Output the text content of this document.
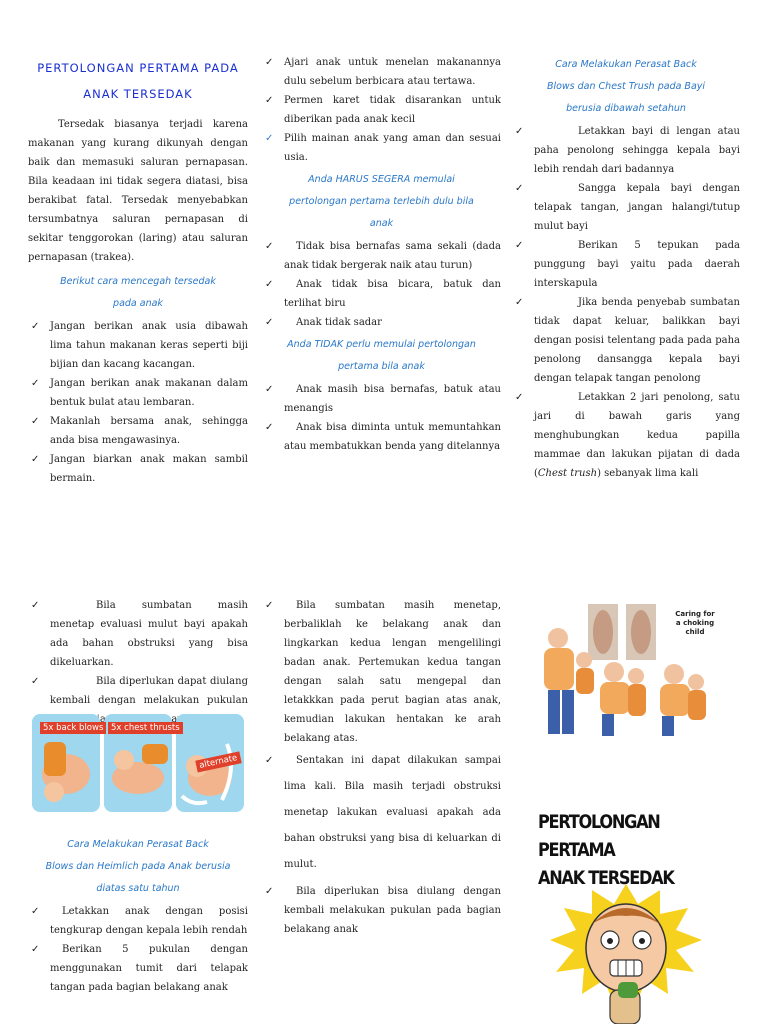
PERTOLONGAN PERTAMA PADA
ANAK TERSEDAK

Tersedak biasanya terjadi karena makanan yang kurang dikunyah dengan baik dan memasuki saluran pernapasan. Bila keadaan ini tidak segera diatasi, bisa berakibat fatal. Tersedak menyebabkan tersumbatnya saluran pernapasan di sekitar tenggorokan (laring) atau saluran pernapasan (trakea).

Berikut cara mencegah tersedak
pada anak

✓ Jangan berikan anak usia dibawah lima tahun makanan keras seperti biji bijian dan kacang kacangan.
✓ Jangan berikan anak makanan dalam bentuk bulat atau lembaran.
✓ Makanlah bersama anak, sehingga anda bisa mengawasinya.
✓ Jangan biarkan anak makan sambil bermain.
✓ Ajari anak untuk menelan makanannya dulu sebelum berbicara atau tertawa.
✓ Permen karet tidak disarankan untuk diberikan pada anak kecil
✓ Pilih mainan anak yang aman dan sesuai usia.

Anda HARUS SEGERA memulai
pertolongan pertama terlebih dulu bila
anak

✓ Tidak bisa bernafas sama sekali (dada anak tidak bergerak naik atau turun)
✓ Anak tidak bisa bicara, batuk dan terlihat biru
✓ Anak tidak sadar

Anda TIDAK perlu memulai pertolongan
pertama bila anak

✓ Anak masih bisa bernafas, batuk atau menangis
✓ Anak bisa diminta untuk memuntahkan atau membatukkan benda yang ditelannya

Cara Melakukan Perasat Back
Blows dan Chest Trush pada Bayi
berusia dibawah setahun

✓ Letakkan bayi di lengan atau paha penolong sehingga kepala bayi lebih rendah dari badannya
✓ Sangga kepala bayi dengan telapak tangan, jangan halangi/tutup mulut bayi
✓ Berikan 5 tepukan pada punggung bayi yaitu pada daerah interskapula
✓ Jika benda penyebab sumbatan tidak dapat keluar, balikkan bayi dengan posisi telentang pada pada paha penolong dansangga kepala bayi dengan telapak tangan penolong
✓ Letakkan 2 jari penolong, satu jari di bawah garis yang menghubungkan kedua papilla mammae dan lakukan pijatan di dada (Chest trush) sebanyak lima kali
✓ Bila sumbatan masih menetap evaluasi mulut bayi apakah ada bahan obstruksi yang bisa dikeluarkan.
✓ Bila diperlukan dapat diulang kembali dengan melakukan pukulan bayi
5x back blows 5x chest thrusts
alternate

Cara Melakukan Perasat Back
Blows dan Heimlich pada Anak berusia
diatas satu tahun

✓ Letakkan anak dengan posisi tengkurap dengan kepala lebih rendah
✓ Berikan 5 pukulan dengan menggunakan tumit dari telapak tangan pada bagian belakang anak
✓ Bila sumbatan masih menetap, berbaliklah ke belakang anak dan lingkarkan kedua lengan mengelilingi badan anak. Pertemukan kedua tangan dengan salah satu mengepal dan letakkkan pada perut bagian atas anak, kemudian lakukan hentakan ke arah belakang atas.
✓ Sentakan ini dapat dilakukan sampai lima kali. Bila masih terjadi obstruksi menetap lakukan evaluasi apakah ada bahan obstruksi yang bisa di keluarkan di mulut.
✓ Bila diperlukan bisa diulang dengan kembali melakukan pukulan pada bagian belakang anak
Caring for a choking child
PERTOLONGAN PERTAMA
ANAK TERSEDAK
